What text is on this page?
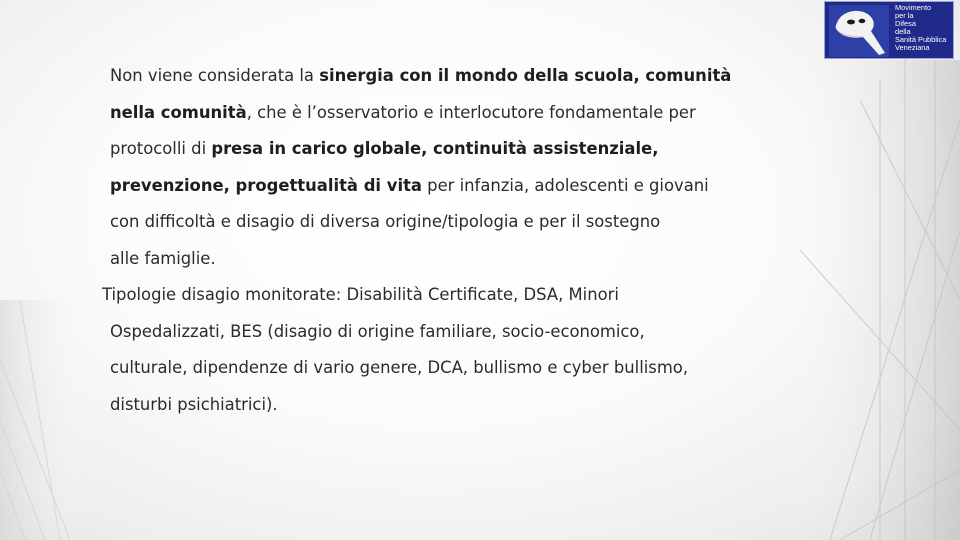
Movimento
per la
Difesa
della
Sanità Pubblica
Veneziana

Non viene considerata la sinergia con il mondo della scuola, comunità
nella comunità, che è l’osservatorio e interlocutore fondamentale per
protocolli di presa in carico globale, continuità assistenziale,
prevenzione, progettualità di vita per infanzia, adolescenti e giovani
con difficoltà e disagio di diversa origine/tipologia e per il sostegno
alle famiglie.

Tipologie disagio monitorate: Disabilità Certificate, DSA, Minori
Ospedalizzati, BES (disagio di origine familiare, socio-economico,
culturale, dipendenze di vario genere, DCA, bullismo e cyber bullismo,
disturbi psichiatrici).
